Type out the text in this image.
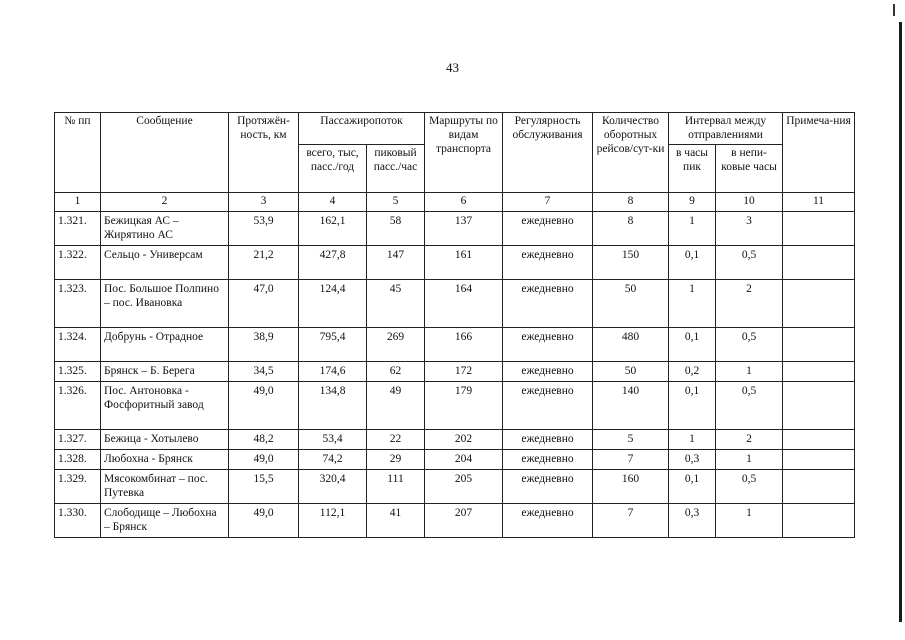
43
№ пп	Сообщение	Протяжён-ность, км	Пассажиропоток		Маршруты по видам транспорта	Регулярность обслуживания	Количество оборотных рейсов/сут-ки	Интервал между отправлениями		Примеча-ния
			всего, тыс, пасс./год	пиковый пасс./час				в часы пик	в непи-ковые часы	
1	2	3	4	5	6	7	8	9	10	11
1.321.	Бежицкая АС – Жирятино АС	53,9	162,1	58	137	ежедневно	8	1	3	
1.322.	Сельцо - Универсам	21,2	427,8	147	161	ежедневно	150	0,1	0,5	
1.323.	Пос. Большое Полпино – пос. Ивановка	47,0	124,4	45	164	ежедневно	50	1	2	
1.324.	Добрунь - Отрадное	38,9	795,4	269	166	ежедневно	480	0,1	0,5	
1.325.	Брянск – Б. Берега	34,5	174,6	62	172	ежедневно	50	0,2	1	
1.326.	Пос. Антоновка - Фосфоритный завод	49,0	134,8	49	179	ежедневно	140	0,1	0,5	
1.327.	Бежица - Хотылево	48,2	53,4	22	202	ежедневно	5	1	2	
1.328.	Любохна - Брянск	49,0	74,2	29	204	ежедневно	7	0,3	1	
1.329.	Мясокомбинат – пос. Путевка	15,5	320,4	111	205	ежедневно	160	0,1	0,5	
1.330.	Слободище – Любохна – Брянск	49,0	112,1	41	207	ежедневно	7	0,3	1	
